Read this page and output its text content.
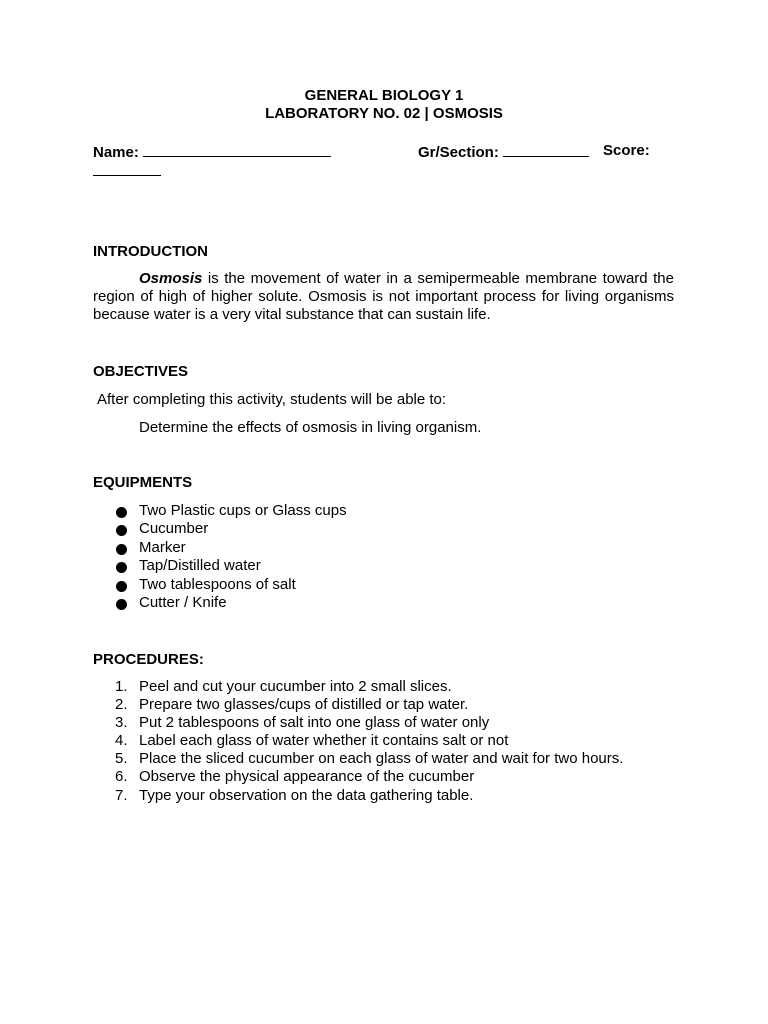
GENERAL BIOLOGY 1
LABORATORY NO. 02 | OSMOSIS
Name:	Gr/Section:	Score:
INTRODUCTION
Osmosis is the movement of water in a semipermeable membrane toward the region of high of higher solute. Osmosis is not important process for living organisms because water is a very vital substance that can sustain life.
OBJECTIVES
After completing this activity, students will be able to:
Determine the effects of osmosis in living organism.
EQUIPMENTS
Two Plastic cups or Glass cups
Cucumber
Marker
Tap/Distilled water
Two tablespoons of salt
Cutter / Knife
PROCEDURES:
1. Peel and cut your cucumber into 2 small slices.
2. Prepare two glasses/cups of distilled or tap water.
3. Put 2 tablespoons of salt into one glass of water only
4. Label each glass of water whether it contains salt or not
5. Place the sliced cucumber on each glass of water and wait for two hours.
6. Observe the physical appearance of the cucumber
7. Type your observation on the data gathering table.
